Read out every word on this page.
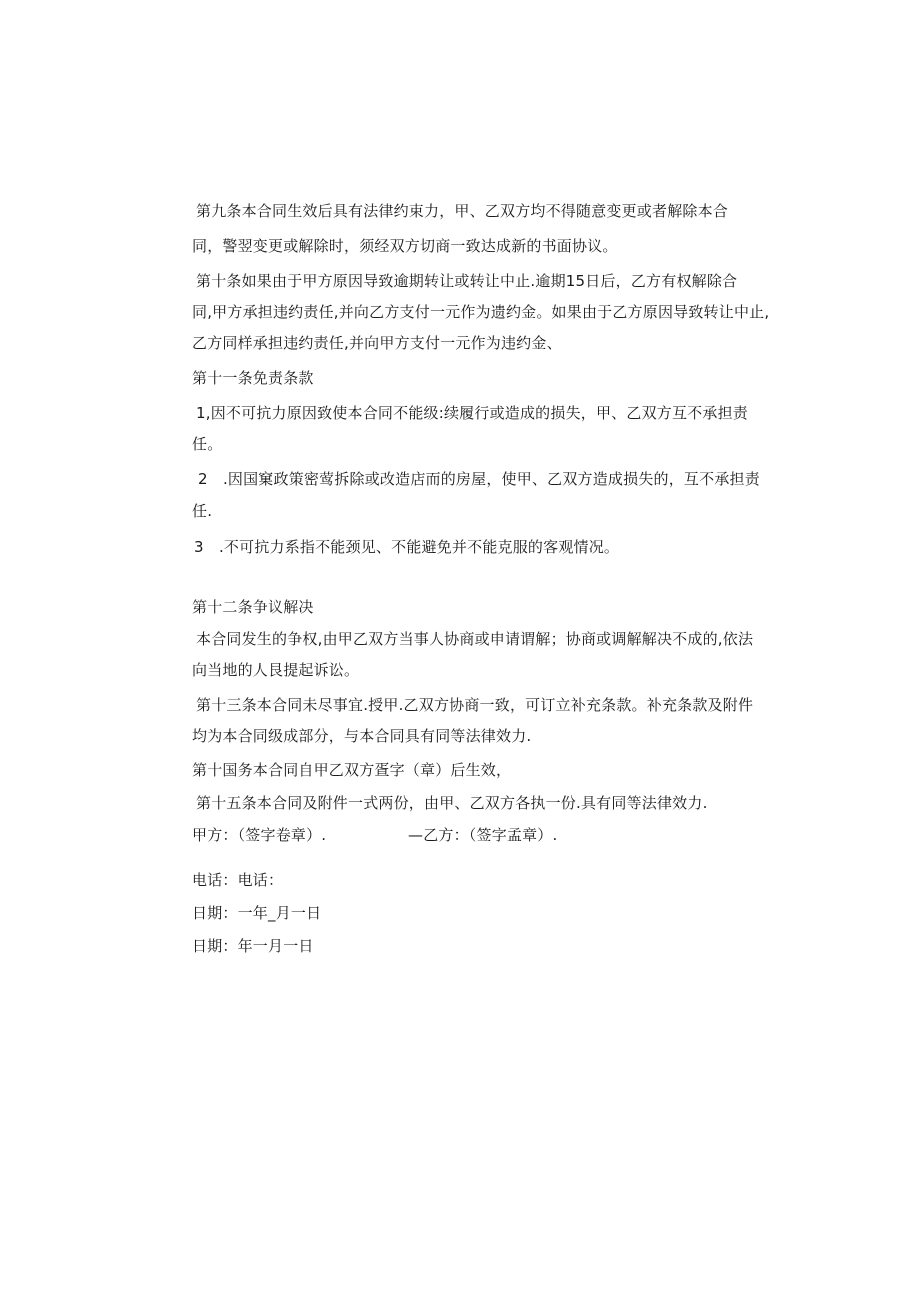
第九条本合同生效后具有法律约束力，甲、乙双方均不得随意变更或者解除本合
同，警翌变更或解除时，须经双方切商一致达成新的书面协议。
第十条如果由于甲方原因导致逾期转让或转让中止.逾期15日后，乙方有权解除合
同,甲方承担违约责任,并向乙方支付一元作为遗约金。如果由于乙方原因导致转让中止,
乙方同样承担违约责任,并向甲方支付一元作为违约金、
第十一条免责条款
1,因不可抗力原因致使本合同不能级:续履行或造成的损失，甲、乙双方互不承担责
任。
2　.因国窠政策密莺拆除或改造店而的房屋，使甲、乙双方造成损失的，互不承担责
任.
3　.不可抗力系指不能颈见、不能避免并不能克服的客观情况。
第十二条争议解决
本合同发生的争权,由甲乙双方当事人协商或申请谓解；协商或调解解决不成的,依法
向当地的人艮提起诉讼。
第十三条本合同未尽事宜.授甲.乙双方协商一致，可订立补充条款。补充条款及附件
均为本合同级成部分，与本合同具有同等法律效力.
第十国务本合同自甲乙双方疍字（章）后生效，
第十五条本合同及附件一式两份，由甲、乙双方各执一份.具有同等法律效力.
甲方：（签字卷章）.	—乙方：（签字孟章）.
电话：电话：
日期：一年_月一日
日期：年一月一日
